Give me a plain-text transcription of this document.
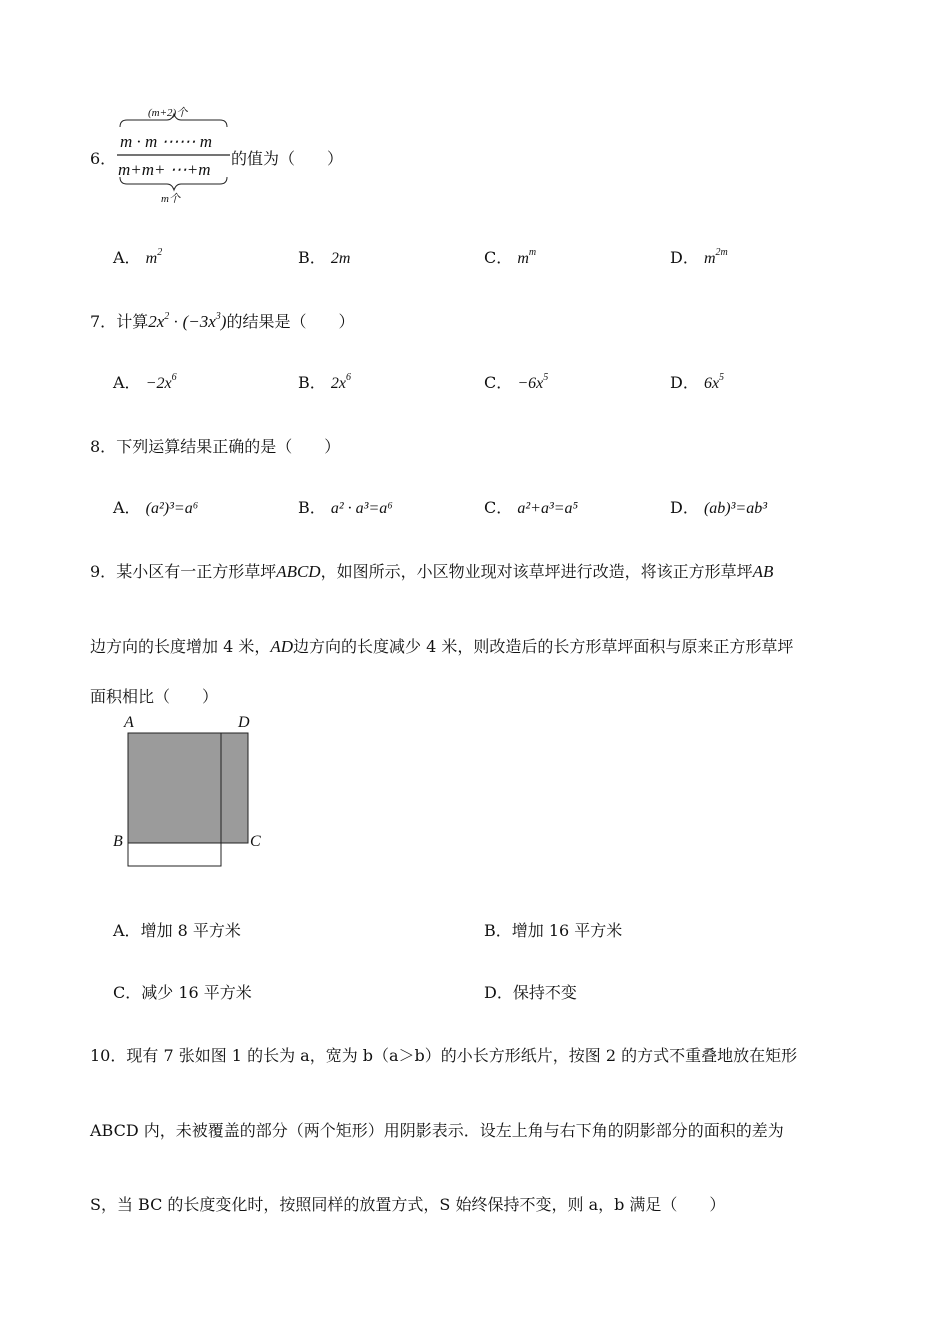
6．
(m+2)个
m · m ⋯⋯ m
m+m+ ⋯+m
m个
的值为（　　）
A． $m^2$	B． 2m	C． $m^m$	D． $m^{2m}$
7．计算$2x^2 \cdot (-3x^3)$的结果是（　　）
A． $-2x^6$	B． $2x^6$	C． $-6x^5$	D． $6x^5$
8．下列运算结果正确的是（　　）
A． (a²)³=a⁶	B． a² · a³=a⁶	C． a²+a³=a⁵	D． (ab)³=ab³
9．某小区有一正方形草坪ABCD，如图所示，小区物业现对该草坪进行改造，将该正方形草坪AB
边方向的长度增加 4 米，AD边方向的长度减少 4 米，则改造后的长方形草坪面积与原来正方形草坪
面积相比（　　）
A	D
B	C
A．增加 8 平方米	B．增加 16 平方米
C．减少 16 平方米	D．保持不变
10．现有 7 张如图 1 的长为 a，宽为 b（a＞b）的小长方形纸片，按图 2 的方式不重叠地放在矩形
ABCD 内，未被覆盖的部分（两个矩形）用阴影表示．设左上角与右下角的阴影部分的面积的差为
S，当 BC 的长度变化时，按照同样的放置方式，S 始终保持不变，则 a，b 满足（　　）
